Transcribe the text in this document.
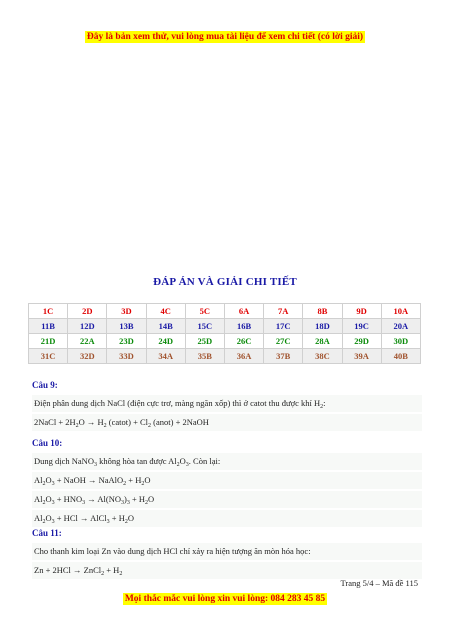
Đây là bản xem thử, vui lòng mua tài liệu để xem chi tiết (có lời giải)
ĐÁP ÁN VÀ GIẢI CHI TIẾT
1C	2D	3D	4C	5C	6A	7A	8B	9D	10A
11B	12D	13B	14B	15C	16B	17C	18D	19C	20A
21D	22A	23D	24D	25D	26C	27C	28A	29D	30D
31C	32D	33D	34A	35B	36A	37B	38C	39A	40B
Câu 9:
Điện phân dung dịch NaCl (điện cực trơ, màng ngăn xốp) thì ở catot thu được khí $H_2$:
2NaCl + $2H_2O \to H_2$ (catot) + $Cl_2$ (anot) + 2NaOH
Câu 10:
Dung dịch NaNO$_3$ không hòa tan được $Al_2O_3$. Còn lại:
$Al_2O_3$ + NaOH → NaAlO$_2$ + $H_2O$
$Al_2O_3 + HNO_3 \to Al(NO_3)_3 + H_2O$
$Al_2O_3$ + HCl → AlCl$_3$ + $H_2O$
Câu 11:
Cho thanh kim loại Zn vào dung dịch HCl chỉ xảy ra hiện tượng ăn mòn hóa học:
Zn + 2HCl → ZnCl$_2$ + $H_2$
Trang 5/4 – Mã đề 115
Mọi thắc mắc vui lòng xin vui lòng: 084 283 45 85
